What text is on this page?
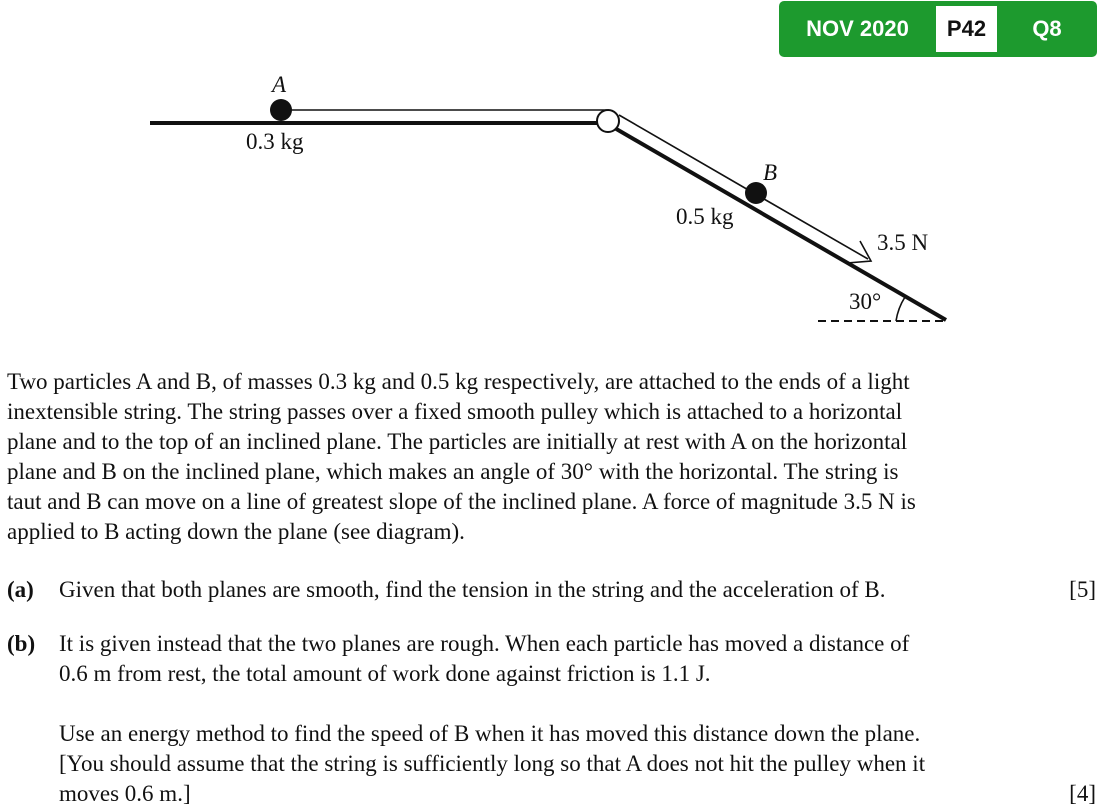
NOV 2020	P42	Q8
A
0.3 kg
B
0.5 kg
3.5 N
30°
Two particles A and B, of masses 0.3 kg and 0.5 kg respectively, are attached to the ends of a light
inextensible string. The string passes over a fixed smooth pulley which is attached to a horizontal
plane and to the top of an inclined plane. The particles are initially at rest with A on the horizontal
plane and B on the inclined plane, which makes an angle of 30° with the horizontal. The string is
taut and B can move on a line of greatest slope of the inclined plane. A force of magnitude 3.5 N is
applied to B acting down the plane (see diagram).
(a) Given that both planes are smooth, find the tension in the string and the acceleration of B.	[5]
(b) It is given instead that the two planes are rough. When each particle has moved a distance of
0.6 m from rest, the total amount of work done against friction is 1.1 J.
Use an energy method to find the speed of B when it has moved this distance down the plane.
[You should assume that the string is sufficiently long so that A does not hit the pulley when it
moves 0.6 m.]	[4]
